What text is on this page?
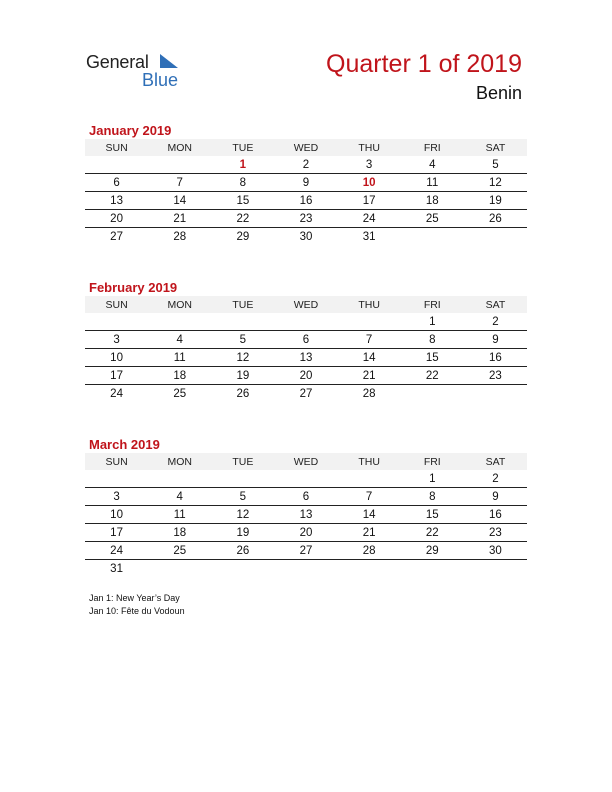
General
Blue
Quarter 1 of 2019
Benin
January 2019
SUN	MON	TUE	WED	THU	FRI	SAT
		1	2	3	4	5
6	7	8	9	10	11	12
13	14	15	16	17	18	19
20	21	22	23	24	25	26
27	28	29	30	31		
February 2019
SUN	MON	TUE	WED	THU	FRI	SAT
					1	2
3	4	5	6	7	8	9
10	11	12	13	14	15	16
17	18	19	20	21	22	23
24	25	26	27	28		
March 2019
SUN	MON	TUE	WED	THU	FRI	SAT
					1	2
3	4	5	6	7	8	9
10	11	12	13	14	15	16
17	18	19	20	21	22	23
24	25	26	27	28	29	30
31						
Jan 1: New Year’s Day
Jan 10: Fête du Vodoun
